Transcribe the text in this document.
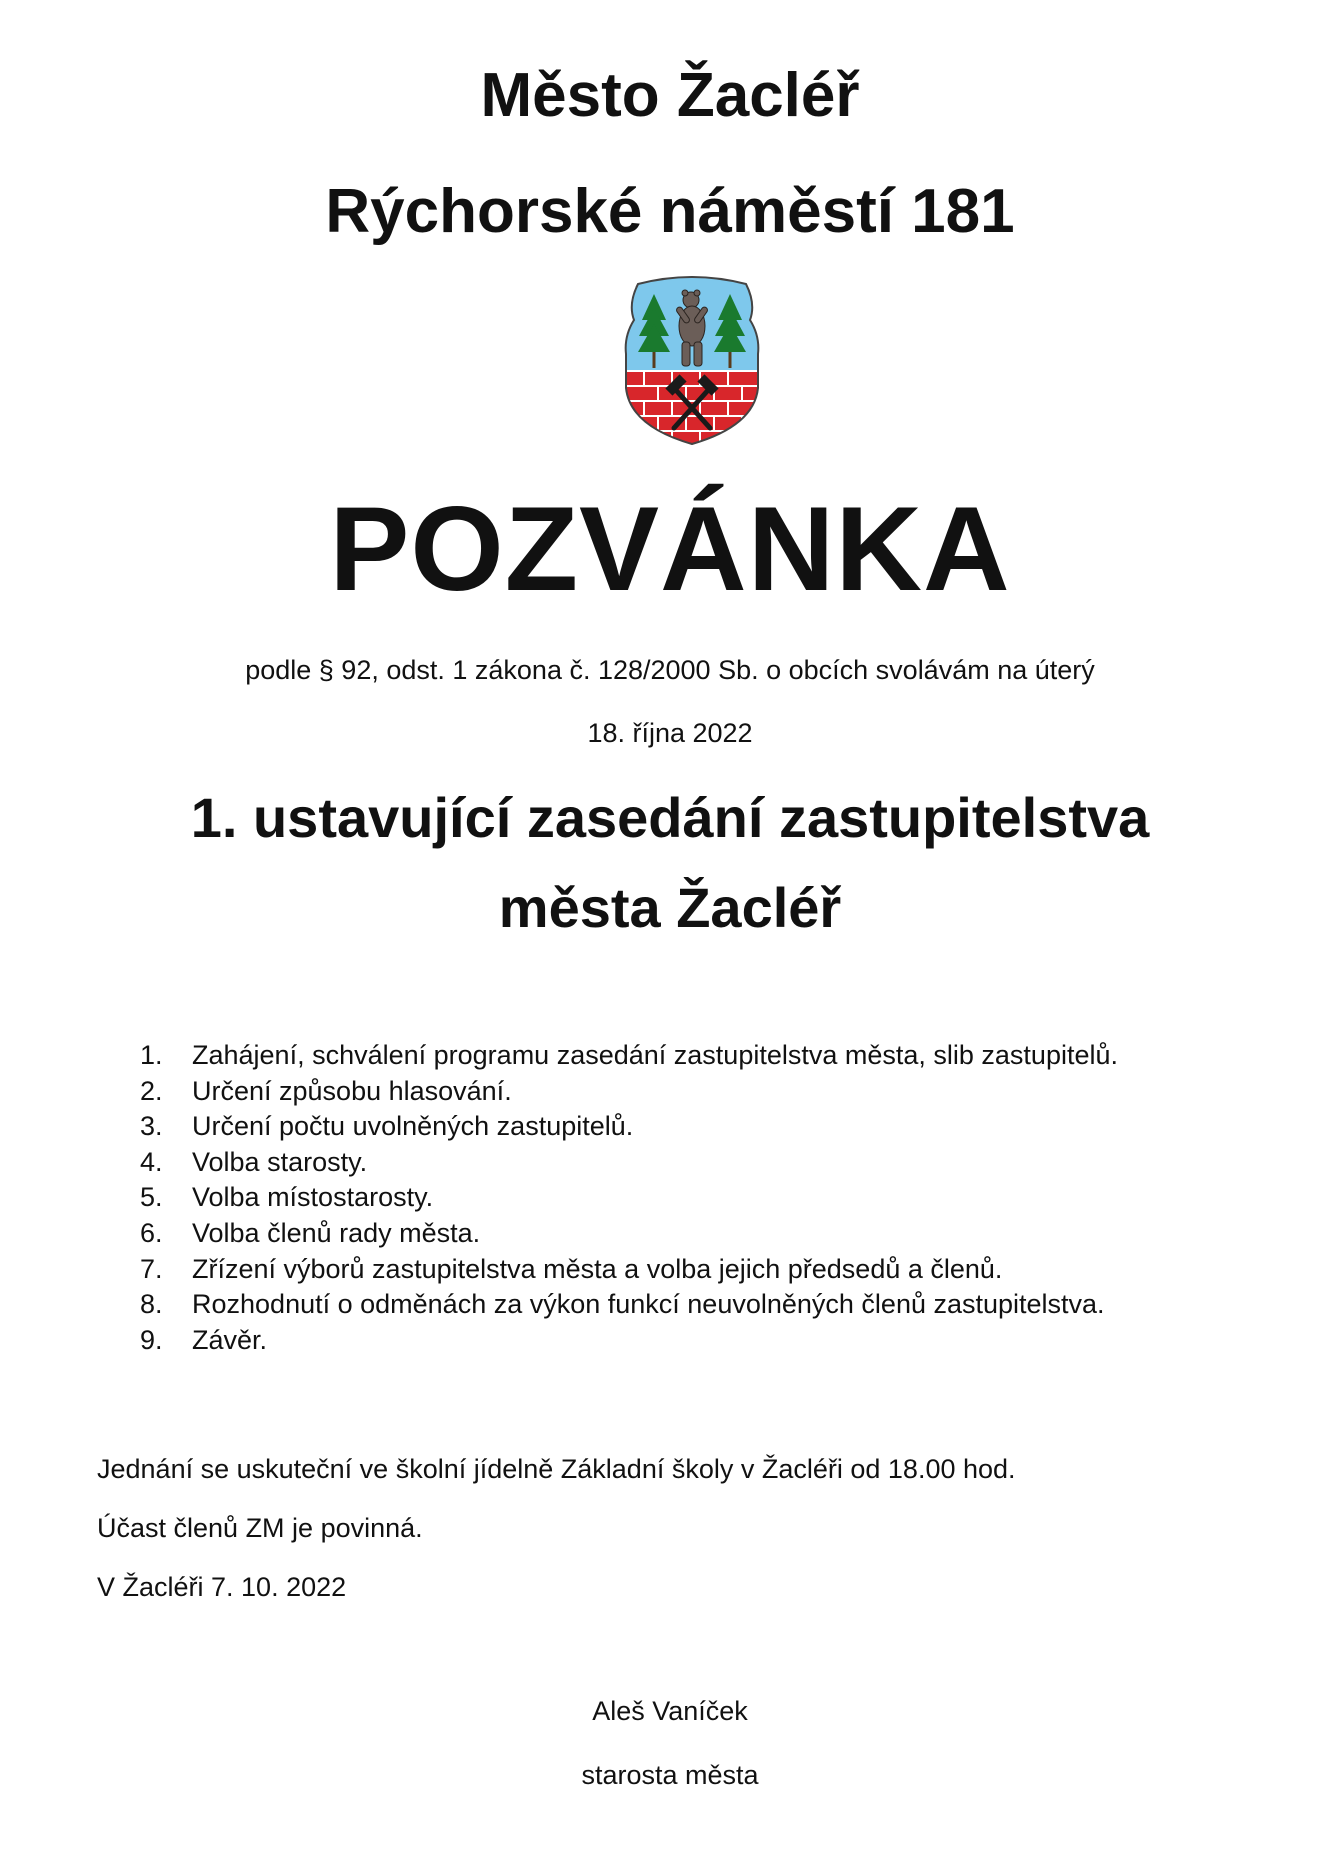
Město Žacléř
Rýchorské náměstí 181
POZVÁNKA
podle § 92, odst. 1 zákona č. 128/2000 Sb. o obcích svolávám na úterý
18. října 2022
1. ustavující zasedání zastupitelstva
města Žacléř
1.	Zahájení, schválení programu zasedání zastupitelstva města, slib zastupitelů.
2.	Určení způsobu hlasování.
3.	Určení počtu uvolněných zastupitelů.
4.	Volba starosty.
5.	Volba místostarosty.
6.	Volba členů rady města.
7.	Zřízení výborů zastupitelstva města a volba jejich předsedů a členů.
8.	Rozhodnutí o odměnách za výkon funkcí neuvolněných členů zastupitelstva.
9.	Závěr.
Jednání se uskuteční ve školní jídelně Základní školy v Žacléři od 18.00 hod.
Účast členů ZM je povinná.
V Žacléři 7. 10. 2022
Aleš Vaníček
starosta města
